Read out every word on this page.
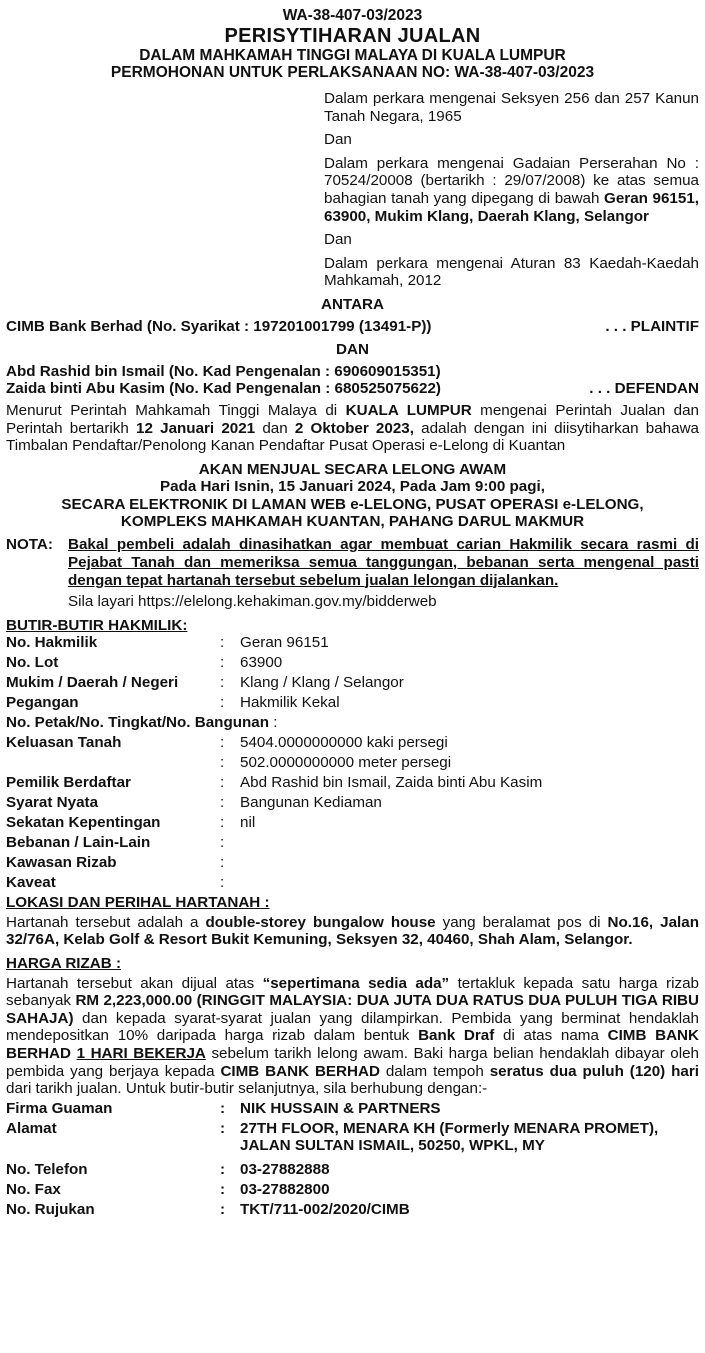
WA-38-407-03/2023
PERISYTIHARAN JUALAN
DALAM MAHKAMAH TINGGI MALAYA DI KUALA LUMPUR
PERMOHONAN UNTUK PERLAKSANAAN NO: WA-38-407-03/2023

Dalam perkara mengenai Seksyen 256 dan 257 Kanun Tanah Negara, 1965

Dan

Dalam perkara mengenai Gadaian Perserahan No : 70524/20008 (bertarikh : 29/07/2008) ke atas semua bahagian tanah yang dipegang di bawah Geran 96151, 63900, Mukim Klang, Daerah Klang, Selangor

Dan

Dalam perkara mengenai Aturan 83 Kaedah-Kaedah Mahkamah, 2012

ANTARA
CIMB Bank Berhad (No. Syarikat : 197201001799 (13491-P))	. . . PLAINTIF
DAN
Abd Rashid bin Ismail (No. Kad Pengenalan : 690609015351)
Zaida binti Abu Kasim (No. Kad Pengenalan : 680525075622)	. . . DEFENDAN
Menurut Perintah Mahkamah Tinggi Malaya di KUALA LUMPUR mengenai Perintah Jualan dan Perintah bertarikh 12 Januari 2021 dan 2 Oktober 2023, adalah dengan ini diisytiharkan bahawa Timbalan Pendaftar/Penolong Kanan Pendaftar Pusat Operasi e-Lelong di Kuantan
AKAN MENJUAL SECARA LELONG AWAM
Pada Hari Isnin, 15 Januari 2024, Pada Jam 9:00 pagi,
SECARA ELEKTRONIK DI LAMAN WEB e-LELONG, PUSAT OPERASI e-LELONG,
KOMPLEKS MAHKAMAH KUANTAN, PAHANG DARUL MAKMUR
NOTA: Bakal pembeli adalah dinasihatkan agar membuat carian Hakmilik secara rasmi di Pejabat Tanah dan memeriksa semua tanggungan, bebanan serta mengenal pasti dengan tepat hartanah tersebut sebelum jualan lelongan dijalankan.
Sila layari https://elelong.kehakiman.gov.my/bidderweb
BUTIR-BUTIR HAKMILIK:
No. Hakmilik	:	Geran 96151
No. Lot	:	63900
Mukim / Daerah / Negeri	:	Klang / Klang / Selangor
Pegangan	:	Hakmilik Kekal
No. Petak/No. Tingkat/No. Bangunan :		
Keluasan Tanah	:	5404.0000000000 kaki persegi
	:	502.0000000000 meter persegi
Pemilik Berdaftar	:	Abd Rashid bin Ismail, Zaida binti Abu Kasim
Syarat Nyata	:	Bangunan Kediaman
Sekatan Kepentingan	:	nil
Bebanan / Lain-Lain	:	
Kawasan Rizab	:	
Kaveat	:	
LOKASI DAN PERIHAL HARTANAH :
Hartanah tersebut adalah a double-storey bungalow house yang beralamat pos di No.16, Jalan 32/76A, Kelab Golf & Resort Bukit Kemuning, Seksyen 32, 40460, Shah Alam, Selangor.
HARGA RIZAB :
Hartanah tersebut akan dijual atas “sepertimana sedia ada” tertakluk kepada satu harga rizab sebanyak RM 2,223,000.00 (RINGGIT MALAYSIA: DUA JUTA DUA RATUS DUA PULUH TIGA RIBU SAHAJA) dan kepada syarat-syarat jualan yang dilampirkan. Pembida yang berminat hendaklah mendepositkan 10% daripada harga rizab dalam bentuk Bank Draf di atas nama CIMB BANK BERHAD 1 HARI BEKERJA sebelum tarikh lelong awam. Baki harga belian hendaklah dibayar oleh pembida yang berjaya kepada CIMB BANK BERHAD dalam tempoh seratus dua puluh (120) hari dari tarikh jualan. Untuk butir-butir selanjutnya, sila berhubung dengan:-
Firma Guaman	:	NIK HUSSAIN & PARTNERS
Alamat	:	27TH FLOOR, MENARA KH (Formerly MENARA PROMET),
JALAN SULTAN ISMAIL, 50250, WPKL, MY

No. Telefon	:	03-27882888
No. Fax	:	03-27882800
No. Rujukan	:	TKT/711-002/2020/CIMB
